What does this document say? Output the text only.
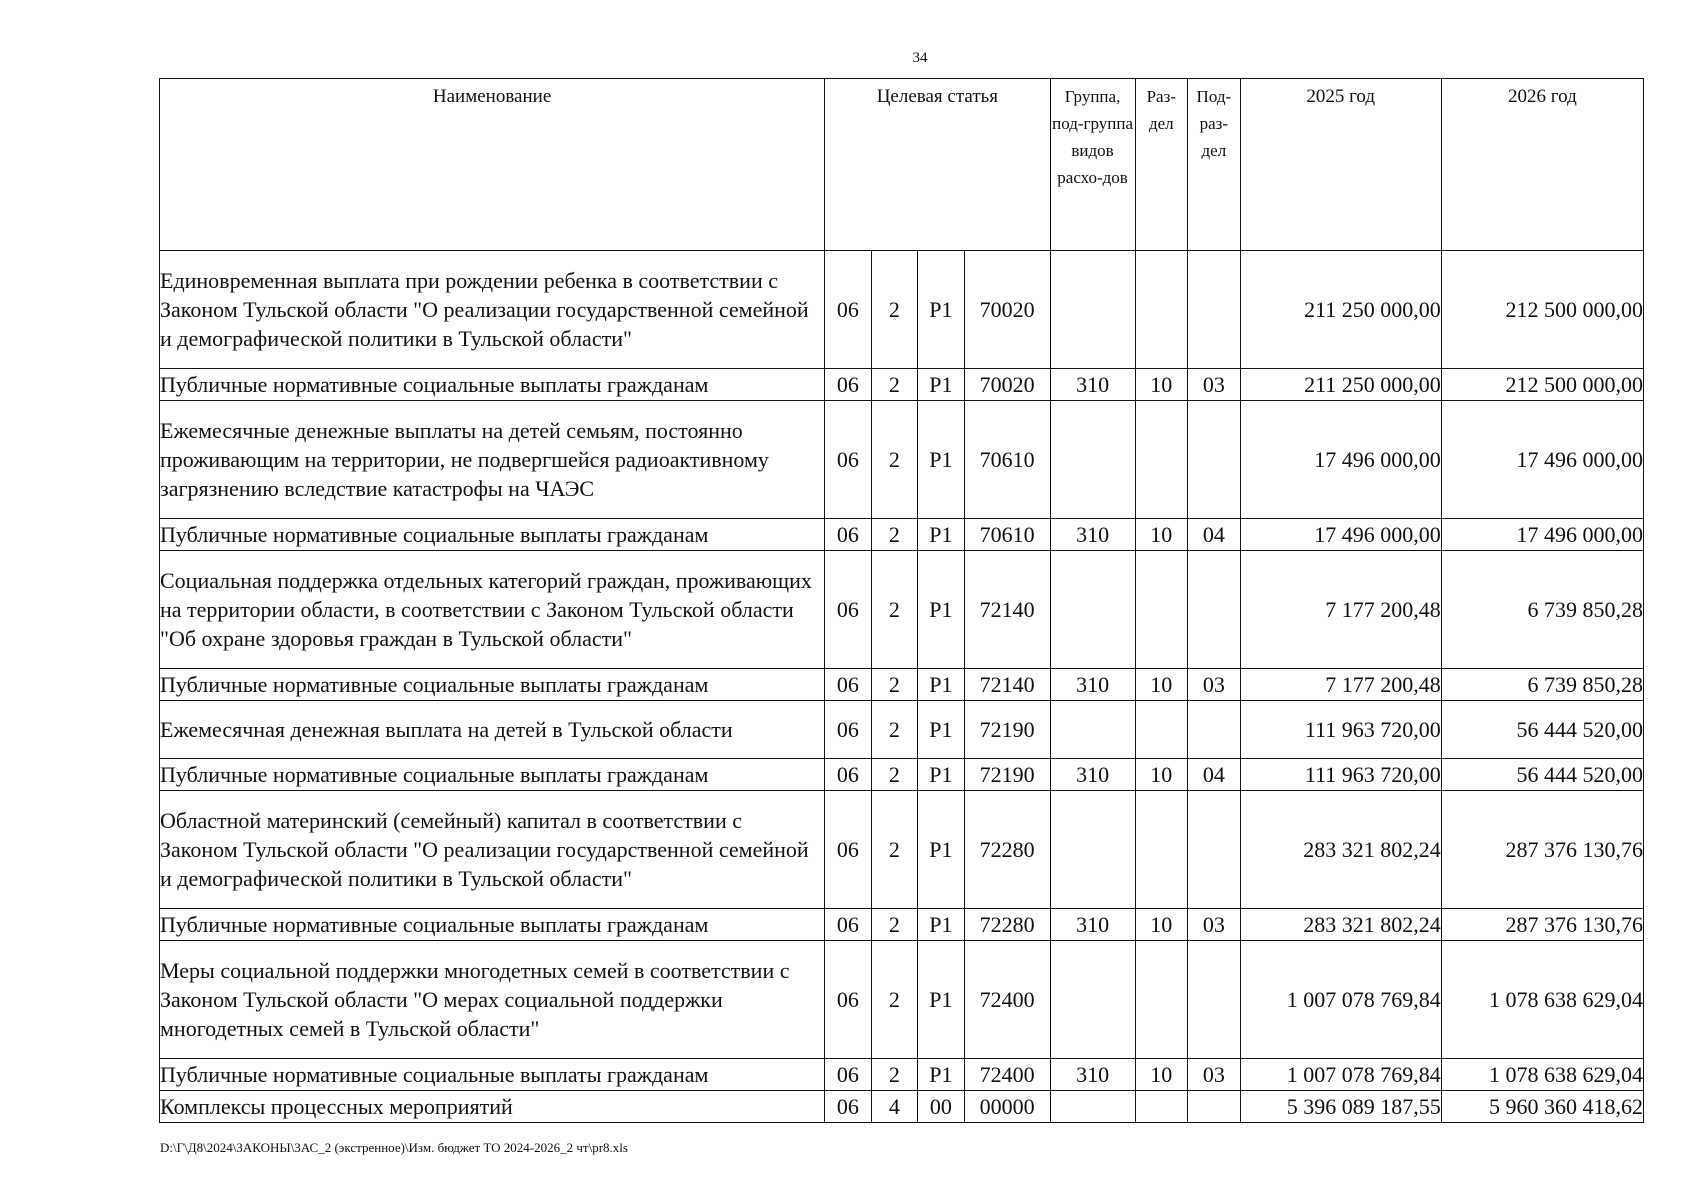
34
Наименование	Целевая статья				Группа, под-группа видов расхо-дов	Раз-дел	Под-раз-дел	2025 год	2026 год
Единовременная выплата при рождении ребенка в соответствии с Законом Тульской области "О реализации государственной семейной и демографической политики в Тульской области"	06	2	Р1	70020				211 250 000,00	212 500 000,00
Публичные нормативные социальные выплаты гражданам	06	2	Р1	70020	310	10	03	211 250 000,00	212 500 000,00
Ежемесячные денежные выплаты на детей семьям, постоянно проживающим на территории, не подвергшейся радиоактивному загрязнению вследствие катастрофы на ЧАЭС	06	2	Р1	70610				17 496 000,00	17 496 000,00
Публичные нормативные социальные выплаты гражданам	06	2	Р1	70610	310	10	04	17 496 000,00	17 496 000,00
Социальная поддержка отдельных категорий граждан, проживающих на территории области, в соответствии с Законом Тульской области "Об охране здоровья граждан в Тульской области"	06	2	Р1	72140				7 177 200,48	6 739 850,28
Публичные нормативные социальные выплаты гражданам	06	2	Р1	72140	310	10	03	7 177 200,48	6 739 850,28
Ежемесячная денежная выплата на детей в Тульской области	06	2	Р1	72190				111 963 720,00	56 444 520,00
Публичные нормативные социальные выплаты гражданам	06	2	Р1	72190	310	10	04	111 963 720,00	56 444 520,00
Областной материнский (семейный) капитал в соответствии с Законом Тульской области "О реализации государственной семейной и демографической политики в Тульской области"	06	2	Р1	72280				283 321 802,24	287 376 130,76
Публичные нормативные социальные выплаты гражданам	06	2	Р1	72280	310	10	03	283 321 802,24	287 376 130,76
Меры социальной поддержки многодетных семей в соответствии с Законом Тульской области "О мерах социальной поддержки многодетных семей в Тульской области"	06	2	Р1	72400				1 007 078 769,84	1 078 638 629,04
Публичные нормативные социальные выплаты гражданам	06	2	Р1	72400	310	10	03	1 007 078 769,84	1 078 638 629,04
Комплексы процессных мероприятий	06	4	00	00000				5 396 089 187,55	5 960 360 418,62
D:\Г\Д8\2024\ЗАКОНЫ\ЗАС_2 (экстренное)\Изм. бюджет ТО 2024-2026_2 чт\pr8.xls
